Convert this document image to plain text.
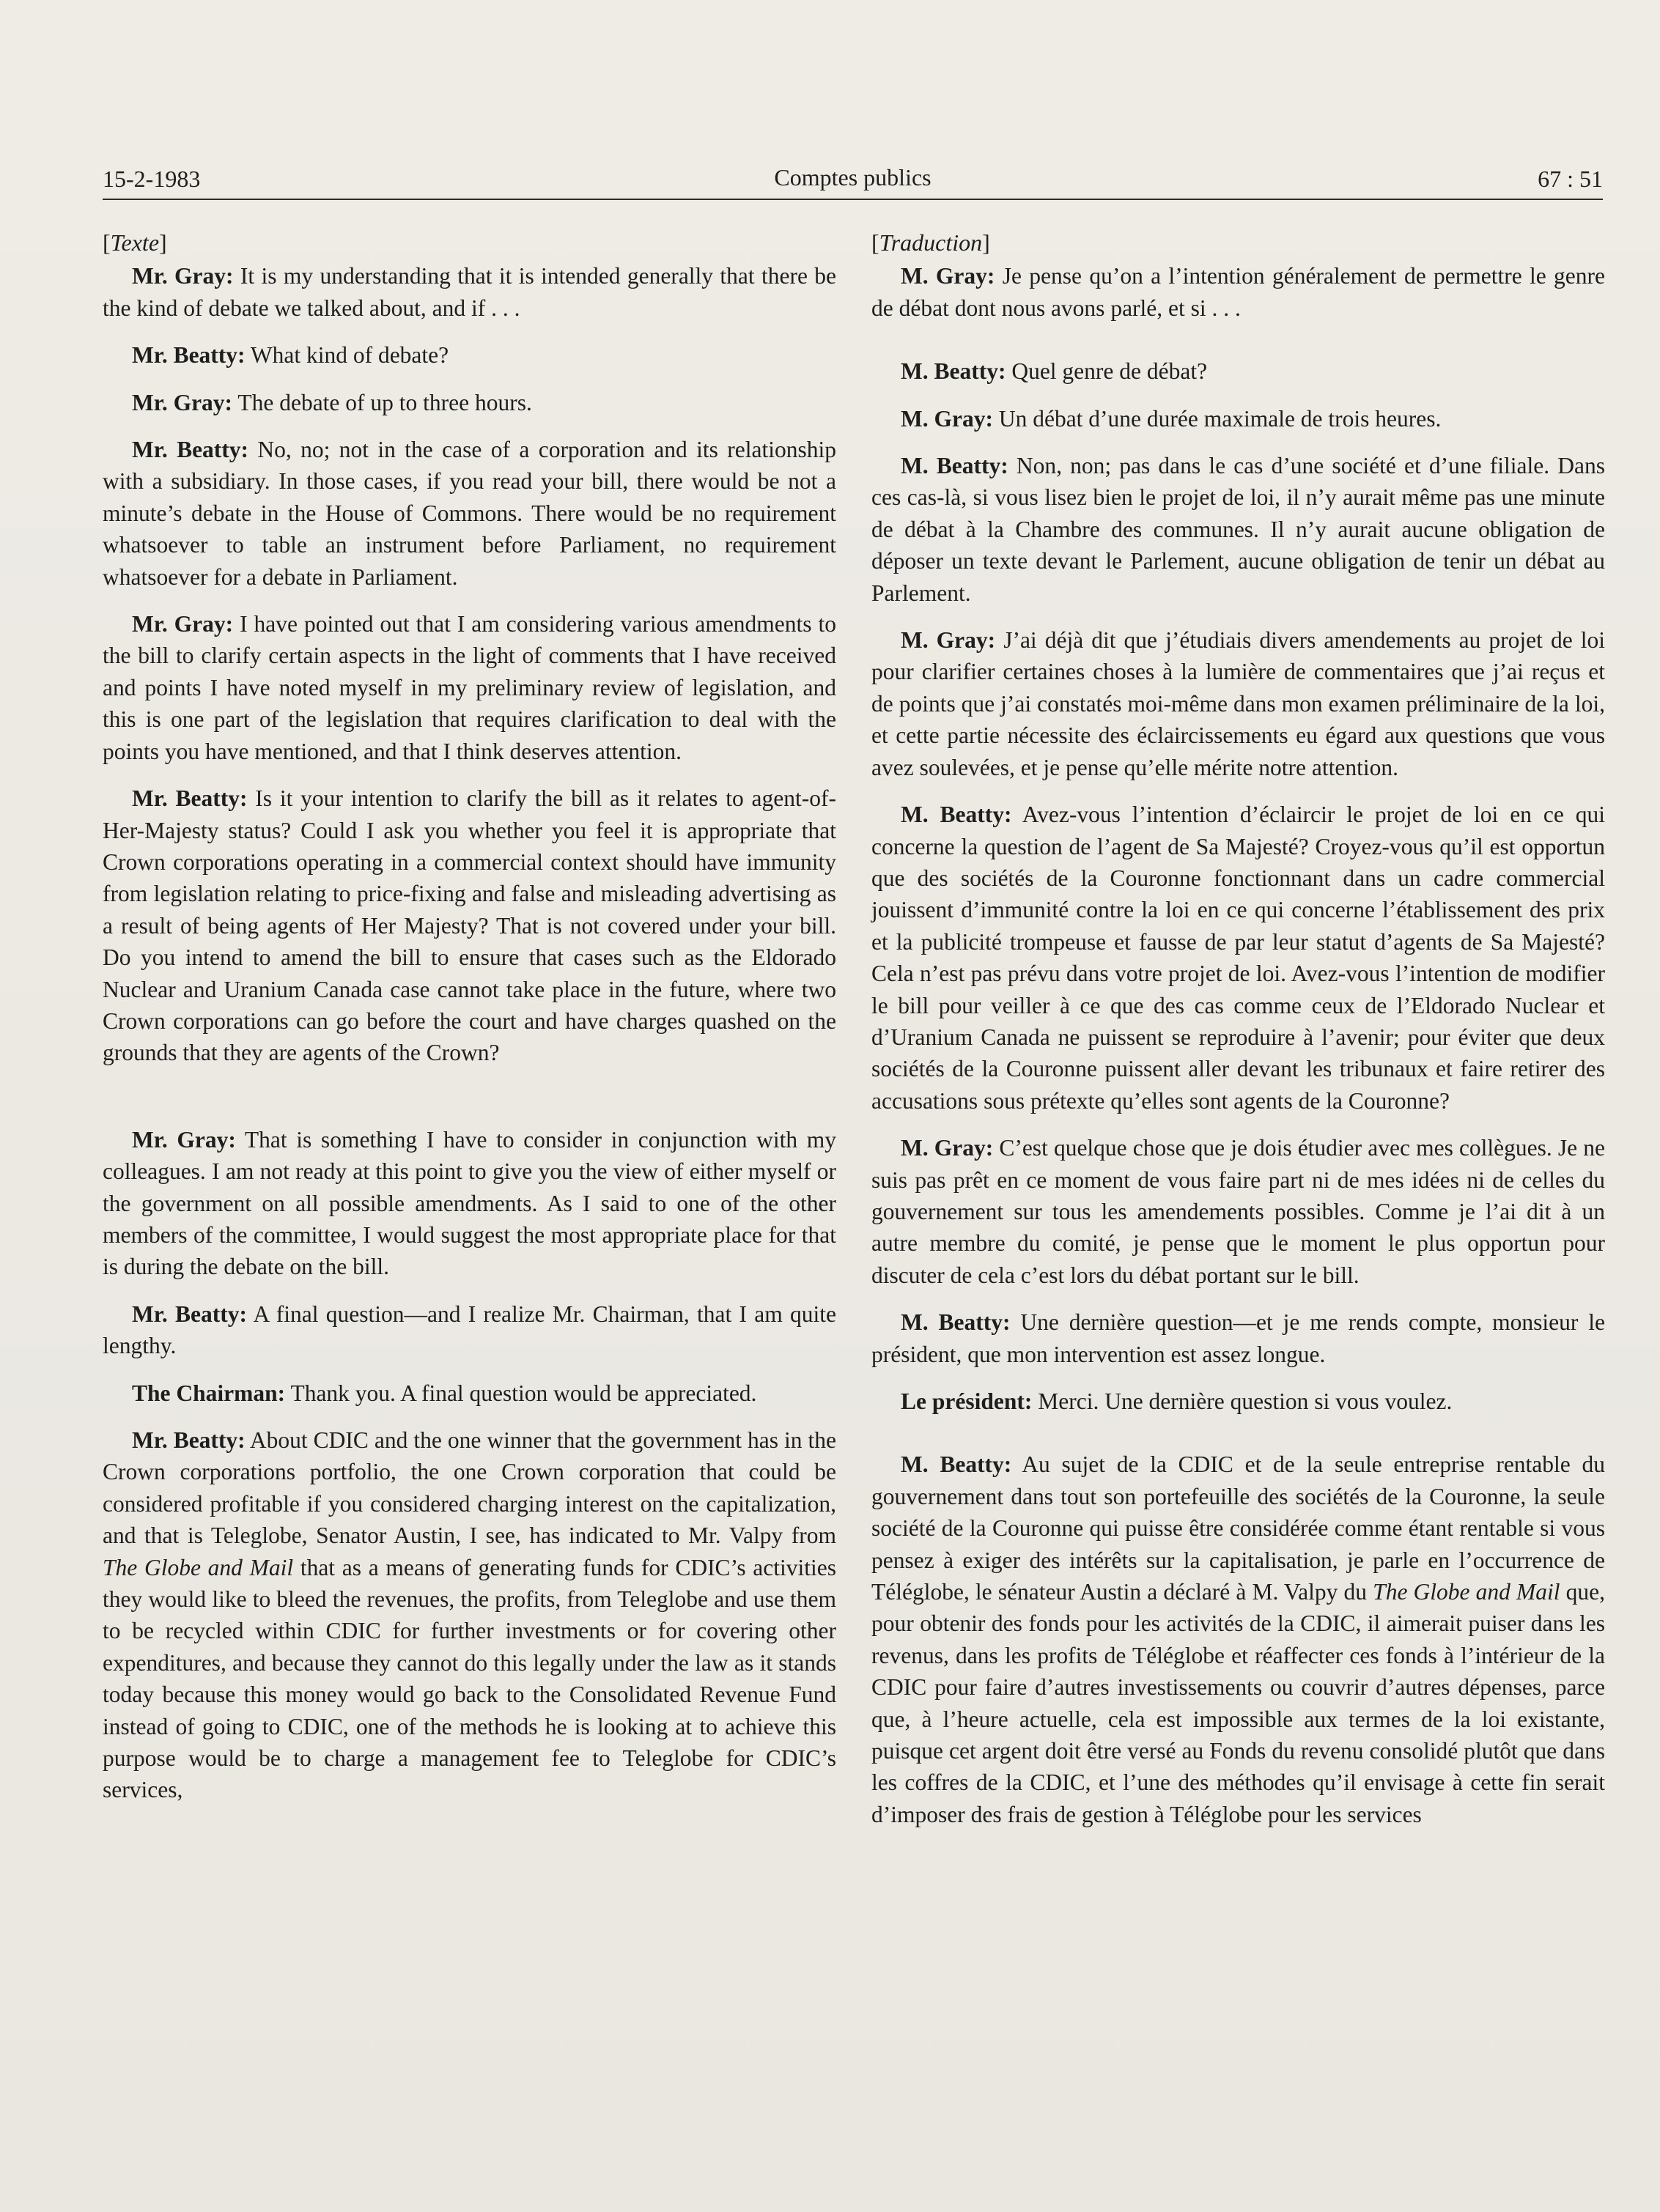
15-2-1983	Comptes publics	67 : 51
[Texte]

Mr. Gray: It is my understanding that it is intended generally that there be the kind of debate we talked about, and if . . .

Mr. Beatty: What kind of debate?

Mr. Gray: The debate of up to three hours.

Mr. Beatty: No, no; not in the case of a corporation and its relationship with a subsidiary. In those cases, if you read your bill, there would be not a minute’s debate in the House of Commons. There would be no requirement whatsoever to table an instrument before Parliament, no requirement whatsoever for a debate in Parliament.

Mr. Gray: I have pointed out that I am considering various amendments to the bill to clarify certain aspects in the light of comments that I have received and points I have noted myself in my preliminary review of legislation, and this is one part of the legislation that requires clarification to deal with the points you have mentioned, and that I think deserves attention.

Mr. Beatty: Is it your intention to clarify the bill as it relates to agent-of-Her-Majesty status? Could I ask you whether you feel it is appropriate that Crown corporations operating in a commercial context should have immunity from legislation relating to price-fixing and false and misleading advertising as a result of being agents of Her Majesty? That is not covered under your bill. Do you intend to amend the bill to ensure that cases such as the Eldorado Nuclear and Uranium Canada case cannot take place in the future, where two Crown corporations can go before the court and have charges quashed on the grounds that they are agents of the Crown?

Mr. Gray: That is something I have to consider in conjunction with my colleagues. I am not ready at this point to give you the view of either myself or the government on all possible amendments. As I said to one of the other members of the committee, I would suggest the most appropriate place for that is during the debate on the bill.

Mr. Beatty: A final question—and I realize Mr. Chairman, that I am quite lengthy.

The Chairman: Thank you. A final question would be appreciated.

Mr. Beatty: About CDIC and the one winner that the government has in the Crown corporations portfolio, the one Crown corporation that could be considered profitable if you considered charging interest on the capitalization, and that is Teleglobe, Senator Austin, I see, has indicated to Mr. Valpy from The Globe and Mail that as a means of generating funds for CDIC’s activities they would like to bleed the revenues, the profits, from Teleglobe and use them to be recycled within CDIC for further investments or for covering other expenditures, and because they cannot do this legally under the law as it stands today because this money would go back to the Consolidated Revenue Fund instead of going to CDIC, one of the methods he is looking at to achieve this purpose would be to charge a management fee to Teleglobe for CDIC’s services,

[Traduction]

M. Gray: Je pense qu’on a l’intention généralement de permettre le genre de débat dont nous avons parlé, et si . . .

M. Beatty: Quel genre de débat?

M. Gray: Un débat d’une durée maximale de trois heures.

M. Beatty: Non, non; pas dans le cas d’une société et d’une filiale. Dans ces cas-là, si vous lisez bien le projet de loi, il n’y aurait même pas une minute de débat à la Chambre des communes. Il n’y aurait aucune obligation de déposer un texte devant le Parlement, aucune obligation de tenir un débat au Parlement.

M. Gray: J’ai déjà dit que j’étudiais divers amendements au projet de loi pour clarifier certaines choses à la lumière de commentaires que j’ai reçus et de points que j’ai constatés moi-même dans mon examen préliminaire de la loi, et cette partie nécessite des éclaircissements eu égard aux questions que vous avez soulevées, et je pense qu’elle mérite notre attention.

M. Beatty: Avez-vous l’intention d’éclaircir le projet de loi en ce qui concerne la question de l’agent de Sa Majesté? Croyez-vous qu’il est opportun que des sociétés de la Couronne fonctionnant dans un cadre commercial jouissent d’immunité contre la loi en ce qui concerne l’établissement des prix et la publicité trompeuse et fausse de par leur statut d’agents de Sa Majesté? Cela n’est pas prévu dans votre projet de loi. Avez-vous l’intention de modifier le bill pour veiller à ce que des cas comme ceux de l’Eldorado Nuclear et d’Uranium Canada ne puissent se reproduire à l’avenir; pour éviter que deux sociétés de la Couronne puissent aller devant les tribunaux et faire retirer des accusations sous prétexte qu’elles sont agents de la Couronne?

M. Gray: C’est quelque chose que je dois étudier avec mes collègues. Je ne suis pas prêt en ce moment de vous faire part ni de mes idées ni de celles du gouvernement sur tous les amendements possibles. Comme je l’ai dit à un autre membre du comité, je pense que le moment le plus opportun pour discuter de cela c’est lors du débat portant sur le bill.

M. Beatty: Une dernière question—et je me rends compte, monsieur le président, que mon intervention est assez longue.

Le président: Merci. Une dernière question si vous voulez.

M. Beatty: Au sujet de la CDIC et de la seule entreprise rentable du gouvernement dans tout son portefeuille des sociétés de la Couronne, la seule société de la Couronne qui puisse être considérée comme étant rentable si vous pensez à exiger des intérêts sur la capitalisation, je parle en l’occurrence de Téléglobe, le sénateur Austin a déclaré à M. Valpy du The Globe and Mail que, pour obtenir des fonds pour les activités de la CDIC, il aimerait puiser dans les revenus, dans les profits de Téléglobe et réaffecter ces fonds à l’intérieur de la CDIC pour faire d’autres investissements ou couvrir d’autres dépenses, parce que, à l’heure actuelle, cela est impossible aux termes de la loi existante, puisque cet argent doit être versé au Fonds du revenu consolidé plutôt que dans les coffres de la CDIC, et l’une des méthodes qu’il envisage à cette fin serait d’imposer des frais de gestion à Téléglobe pour les services
